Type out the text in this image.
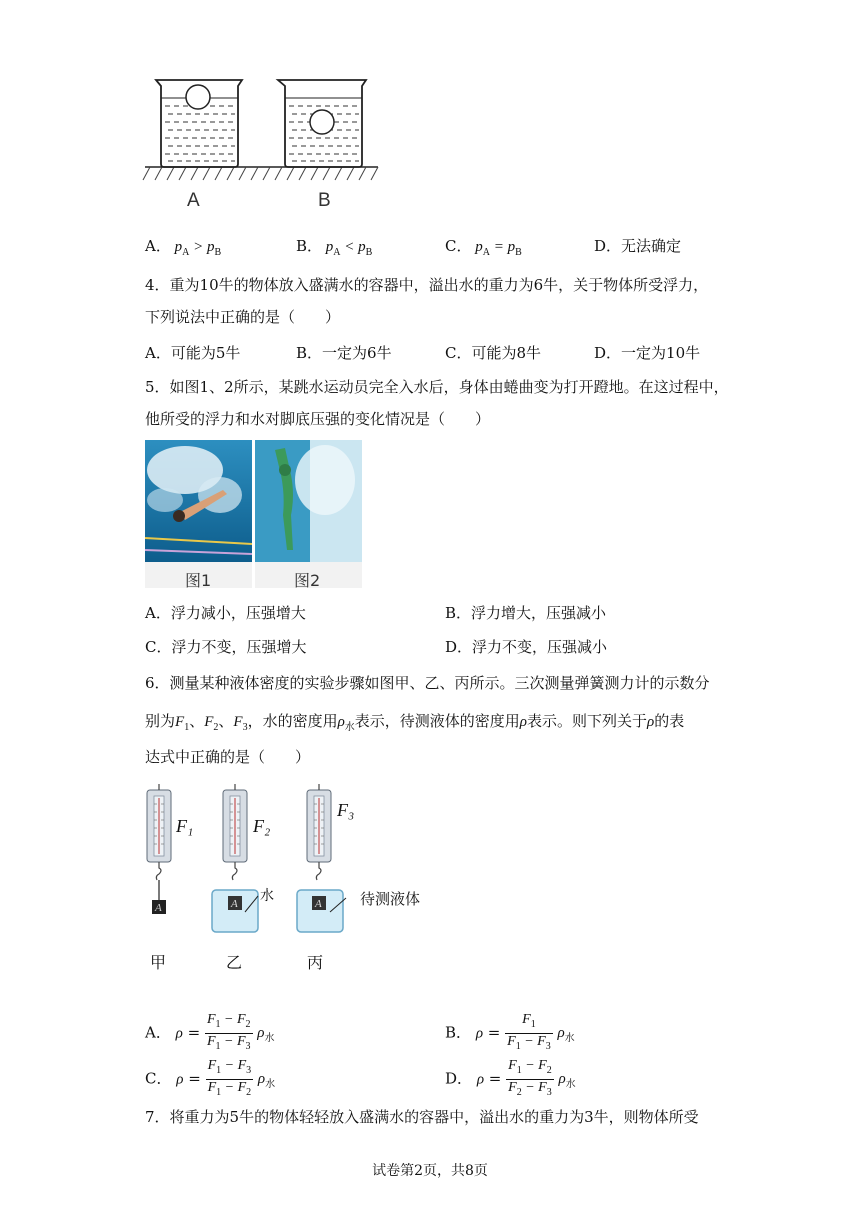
A	B
A． $p_A > p_B$	B． $p_A < p_B$	C． $p_A = p_B$	D．无法确定
4．重为10牛的物体放入盛满水的容器中，溢出水的重力为6牛，关于物体所受浮力，
下列说法中正确的是（　　）
A．可能为5牛	B．一定为6牛	C．可能为8牛	D．一定为10牛
5．如图1、2所示，某跳水运动员完全入水后，身体由蜷曲变为打开蹬地。在这过程中，
他所受的浮力和水对脚底压强的变化情况是（　　）
图1	图2
A．浮力减小，压强增大	B．浮力增大，压强减小
C．浮力不变，压强增大	D．浮力不变，压强减小
6．测量某种液体密度的实验步骤如图甲、乙、丙所示。三次测量弹簧测力计的示数分
别为$F_1$、$F_2$、$F_3$，水的密度用$\rho_水$表示，待测液体的密度用ρ表示。则下列关于ρ的表
达式中正确的是（　　）
A
F₁
A 水
F₂
A	待测液体
F₃
甲	乙	丙
A． $\rho = \frac{F_1 - F_2}{F_1 - F_3} \rho_水$	B． $\rho = \frac{F_1}{F_1 - F_3} \rho_水$
C． $\rho = \frac{F_1 - F_3}{F_1 - F_2} \rho_水$	D． $\rho = \frac{F_1 - F_2}{F_2 - F_3} \rho_水$
7．将重力为5牛的物体轻轻放入盛满水的容器中，溢出水的重力为3牛，则物体所受
试卷第2页，共8页
